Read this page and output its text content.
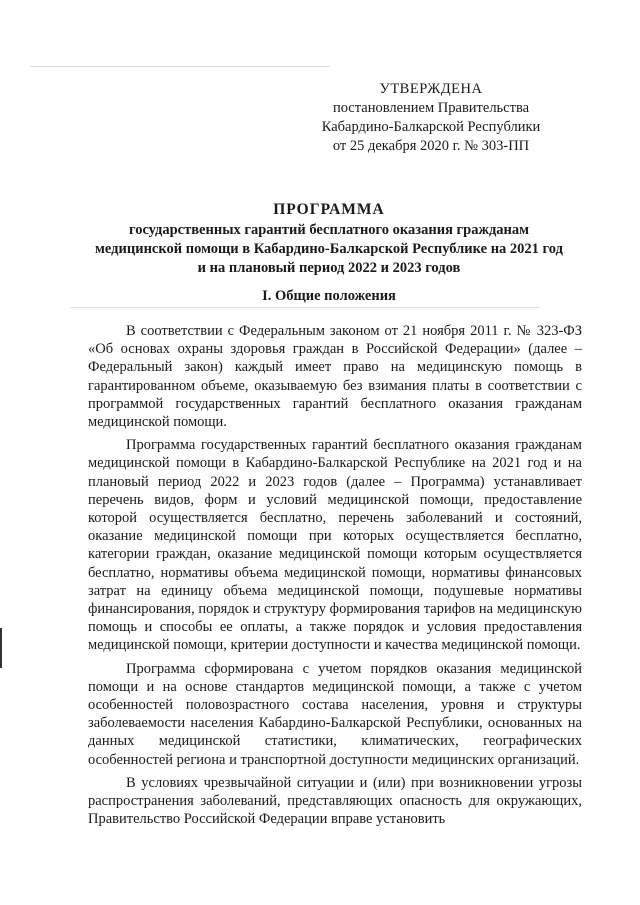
УТВЕРЖДЕНА
постановлением Правительства
Кабардино-Балкарской Республики
от 25 декабря 2020 г. № 303-ПП
ПРОГРАММА
государственных гарантий бесплатного оказания гражданам
медицинской помощи в Кабардино-Балкарской Республике на 2021 год
и на плановый период 2022 и 2023 годов
I. Общие положения

В соответствии с Федеральным законом от 21 ноября 2011 г. № 323-ФЗ «Об основах охраны здоровья граждан в Российской Федерации» (далее – Федеральный закон) каждый имеет право на медицинскую помощь в гарантированном объеме, оказываемую без взимания платы в соответствии с программой государственных гарантий бесплатного оказания гражданам медицинской помощи.

Программа государственных гарантий бесплатного оказания гражданам медицинской помощи в Кабардино-Балкарской Республике на 2021 год и на плановый период 2022 и 2023 годов (далее – Программа) устанавливает перечень видов, форм и условий медицинской помощи, предоставление которой осуществляется бесплатно, перечень заболеваний и состояний, оказание медицинской помощи при которых осуществляется бесплатно, категории граждан, оказание медицинской помощи которым осуществляется бесплатно, нормативы объема медицинской помощи, нормативы финансовых затрат на единицу объема медицинской помощи, подушевые нормативы финансирования, порядок и структуру формирования тарифов на медицинскую помощь и способы ее оплаты, а также порядок и условия предоставления медицинской помощи, критерии доступности и качества медицинской помощи.

Программа сформирована с учетом порядков оказания медицинской помощи и на основе стандартов медицинской помощи, а также с учетом особенностей половозрастного состава населения, уровня и структуры заболеваемости населения Кабардино-Балкарской Республики, основанных на данных медицинской статистики, климатических, географических особенностей региона и транспортной доступности медицинских организаций.

В условиях чрезвычайной ситуации и (или) при возникновении угрозы распространения заболеваний, представляющих опасность для окружающих, Правительство Российской Федерации вправе установить
